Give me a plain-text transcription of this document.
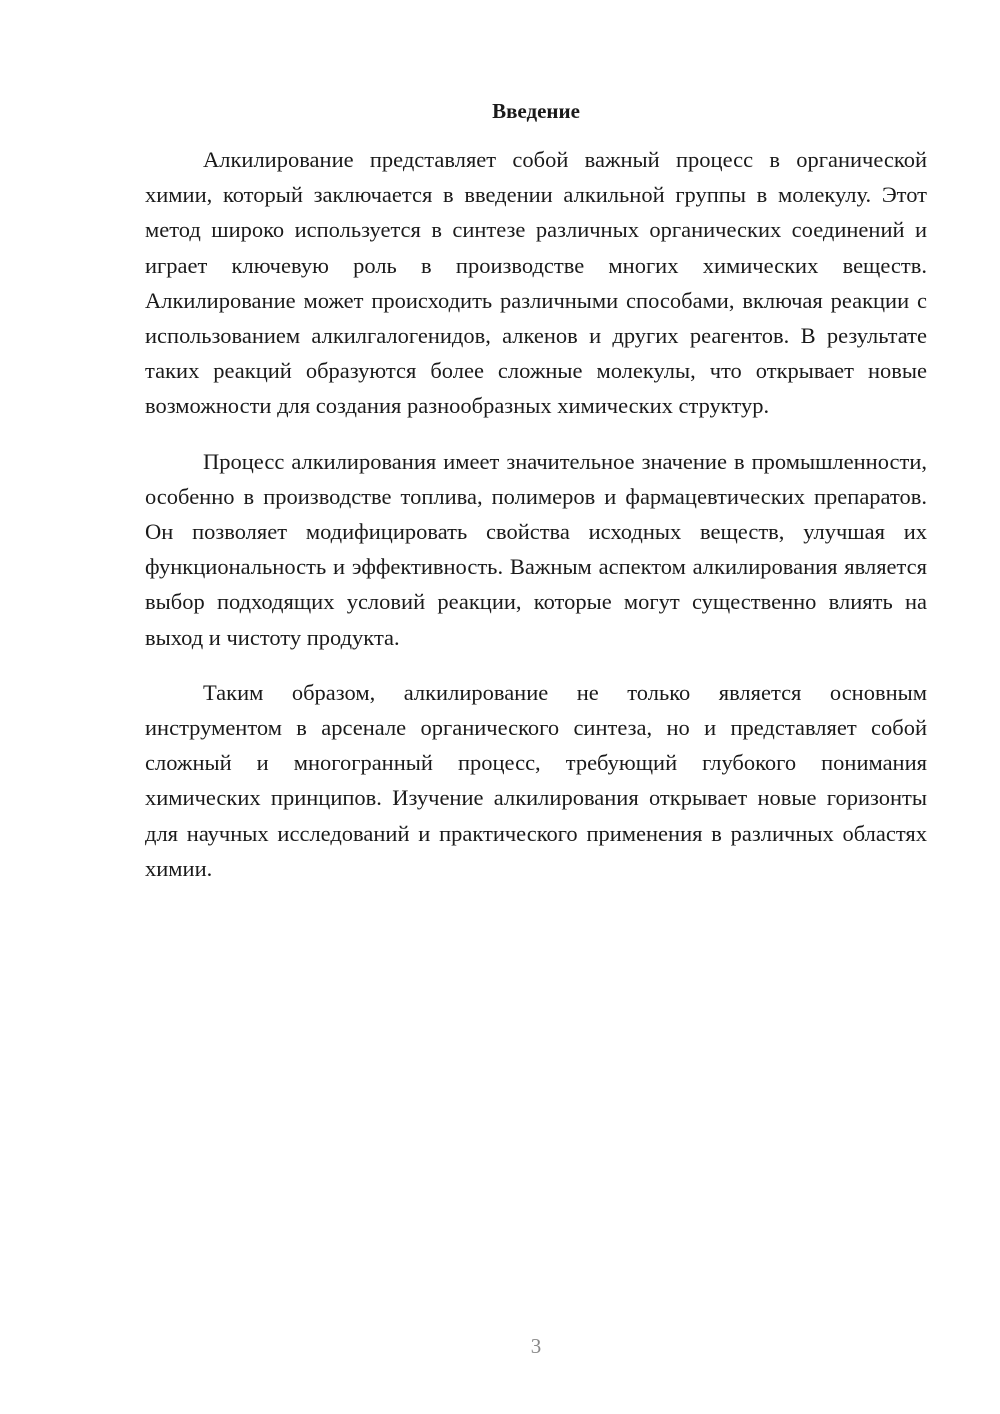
Введение

Алкилирование представляет собой важный процесс в органической химии, который заключается в введении алкильной группы в молекулу. Этот метод широко используется в синтезе различных органических соединений и играет ключевую роль в производстве многих химических веществ. Алкилирование может происходить различными способами, включая реакции с использованием алкилгалогенидов, алкенов и других реагентов. В результате таких реакций образуются более сложные молекулы, что открывает новые возможности для создания разнообразных химических структур.

Процесс алкилирования имеет значительное значение в промышленности, особенно в производстве топлива, полимеров и фармацевтических препаратов. Он позволяет модифицировать свойства исходных веществ, улучшая их функциональность и эффективность. Важным аспектом алкилирования является выбор подходящих условий реакции, которые могут существенно влиять на выход и чистоту продукта.

Таким образом, алкилирование не только является основным инструментом в арсенале органического синтеза, но и представляет собой сложный и многогранный процесс, требующий глубокого понимания химических принципов. Изучение алкилирования открывает новые горизонты для научных исследований и практического применения в различных областях химии.

3
